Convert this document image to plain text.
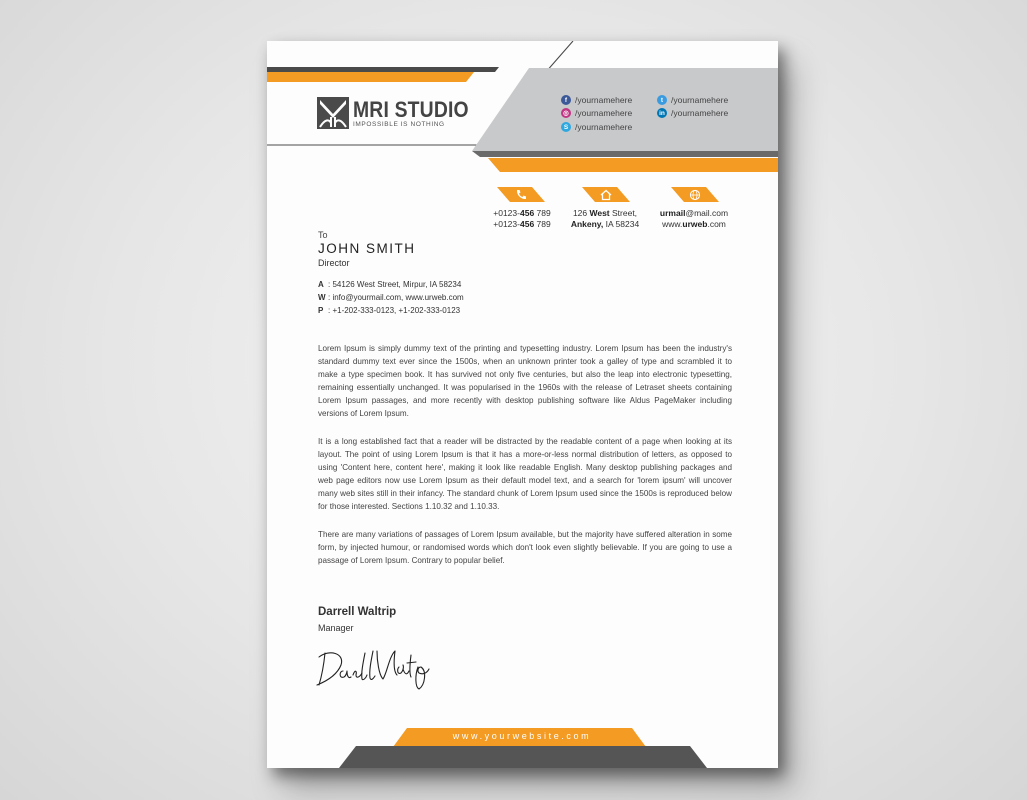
MRI STUDIO
IMPOSSIBLE IS NOTHING
f /yournamehere	t /yournamehere
◎ /yournamehere	in /yournamehere
S /yournamehere
+0123-456 789
+0123-456 789
126 West Street,
Ankeny, IA 58234
urmail@mail.com
www.urweb.com
To
JOHN SMITH
Director
A : 54126 West Street, Mirpur, IA 58234
W : info@yourmail.com, www.urweb.com
P : +1-202-333-0123, +1-202-333-0123

Lorem Ipsum is simply dummy text of the printing and typesetting industry. Lorem Ipsum has been the industry's standard dummy text ever since the 1500s, when an unknown printer took a galley of type and scrambled it to make a type specimen book. It has survived not only five centuries, but also the leap into electronic typesetting, remaining essentially unchanged. It was popularised in the 1960s with the release of Letraset sheets containing Lorem Ipsum passages, and more recently with desktop publishing software like Aldus PageMaker including versions of Lorem Ipsum.

It is a long established fact that a reader will be distracted by the readable content of a page when looking at its layout. The point of using Lorem Ipsum is that it has a more-or-less normal distribution of letters, as opposed to using 'Content here, content here', making it look like readable English. Many desktop publishing packages and web page editors now use Lorem Ipsum as their default model text, and a search for 'lorem ipsum' will uncover many web sites still in their infancy. The standard chunk of Lorem Ipsum used since the 1500s is reproduced below for those interested. Sections 1.10.32 and 1.10.33.

There are many variations of passages of Lorem Ipsum available, but the majority have suffered alteration in some form, by injected humour, or randomised words which don't look even slightly believable. If you are going to use a passage of Lorem Ipsum. Contrary to popular belief.

Darrell Waltrip
Manager
www.yourwebsite.com
